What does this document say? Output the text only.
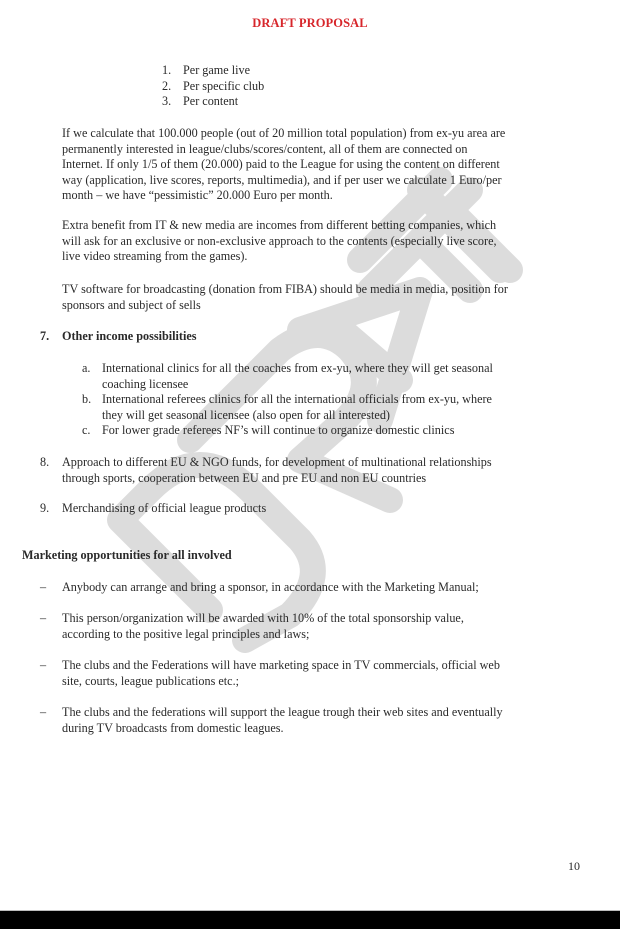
DRAFT PROPOSAL
1. Per game live
2. Per specific club
3. Per content
If we calculate that 100.000 people (out of 20 million total population) from ex-yu area are
permanently interested in league/clubs/scores/content, all of them are connected on
Internet. If only 1/5 of them (20.000) paid to the League for using the content on different
way (application, live scores, reports, multimedia), and if per user we calculate 1 Euro/per
month – we have “pessimistic” 20.000 Euro per month.
Extra benefit from IT & new media are incomes from different betting companies, which
will ask for an exclusive or non-exclusive approach to the contents (especially live score,
live video streaming from the games).
TV software for broadcasting (donation from FIBA) should be media in media, position for
sponsors and subject of sells
7.	Other income possibilities
a. International clinics for all the coaches from ex-yu, where they will get seasonal
coaching licensee
b. International referees clinics for all the international officials from ex-yu, where
they will get seasonal licensee (also open for all interested)
c. For lower grade referees NF’s will continue to organize domestic clinics
8.	Approach to different EU & NGO funds, for development of multinational relationships
through sports, cooperation between EU and pre EU and non EU countries
9.	Merchandising of official league products
Marketing opportunities for all involved
–	Anybody can arrange and bring a sponsor, in accordance with the Marketing Manual;
–	This person/organization will be awarded with 10% of the total sponsorship value,
according to the positive legal principles and laws;
–	The clubs and the Federations will have marketing space in TV commercials, official web
site, courts, league publications etc.;
–	The clubs and the federations will support the league trough their web sites and eventually
during TV broadcasts from domestic leagues.
10
